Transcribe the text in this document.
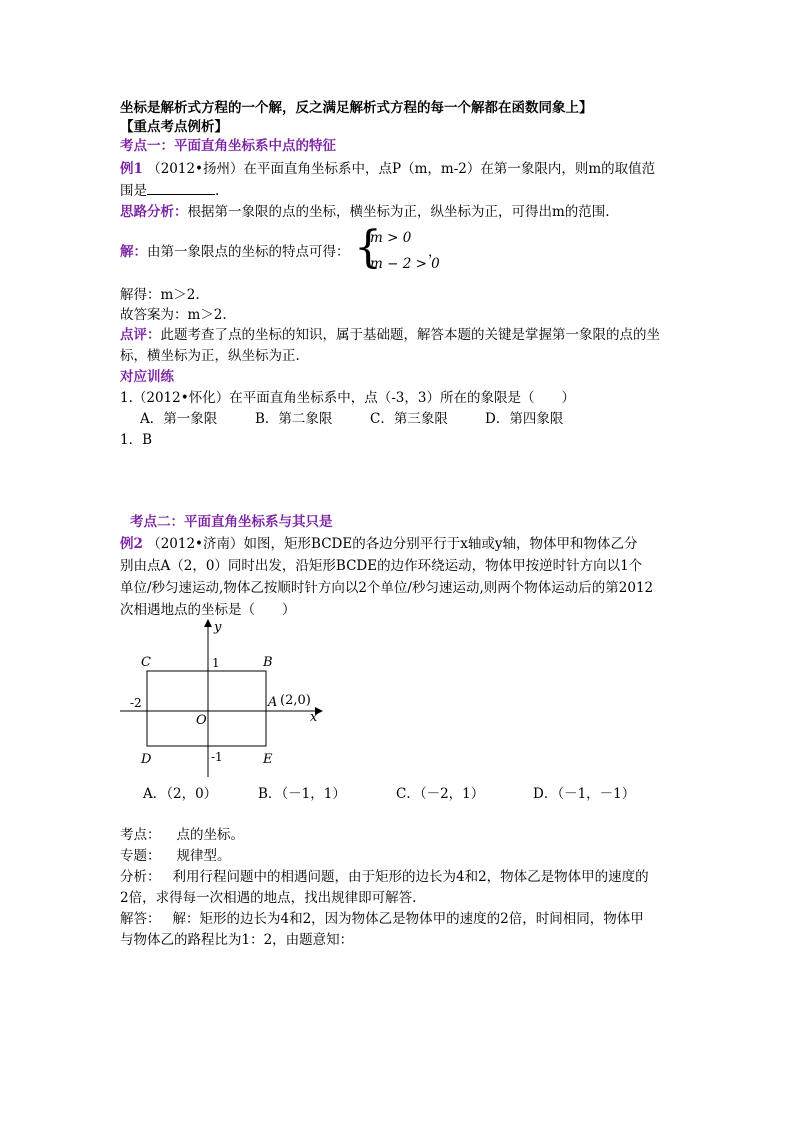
坐标是解析式方程的一个解，反之满足解析式方程的每一个解都在函数同象上】
【重点考点例析】
考点一：平面直角坐标系中点的特征
例1 （2012•扬州）在平面直角坐标系中，点P（m，m-2）在第一象限内，则m的取值范
围是	.
思路分析：根据第一象限的点的坐标，横坐标为正，纵坐标为正，可得出m的范围.
解：由第一象限点的坐标的特点可得： {
m > 0
m − 2 > 0
，
解得：m＞2.
故答案为：m＞2.
点评：此题考查了点的坐标的知识，属于基础题，解答本题的关键是掌握第一象限的点的坐
标，横坐标为正，纵坐标为正.
对应训练
1.（2012•怀化）在平面直角坐标系中，点（-3，3）所在的象限是（　　）
A．第一象限	B．第二象限	C．第三象限	D．第四象限
1．B
考点二：平面直角坐标系与其只是
例2 （2012•济南）如图，矩形BCDE的各边分别平行于x轴或y轴，物体甲和物体乙分
别由点A（2，0）同时出发，沿矩形BCDE的边作环绕运动，物体甲按逆时针方向以1个
单位/秒匀速运动,物体乙按顺时针方向以2个单位/秒匀速运动,则两个物体运动后的第2012
次相遇地点的坐标是（　　）
y
x
O
C	B
D	E
A (2,0)
1
-1
-2
A．（2，0）	B．（－1，1）	C．（－2，1）	D．（－1，－1）
考点： 点的坐标。
专题： 规律型。
分析： 利用行程问题中的相遇问题，由于矩形的边长为4和2，物体乙是物体甲的速度的
2倍，求得每一次相遇的地点，找出规律即可解答.
解答： 解：矩形的边长为4和2，因为物体乙是物体甲的速度的2倍，时间相同，物体甲
与物体乙的路程比为1：2，由题意知：
